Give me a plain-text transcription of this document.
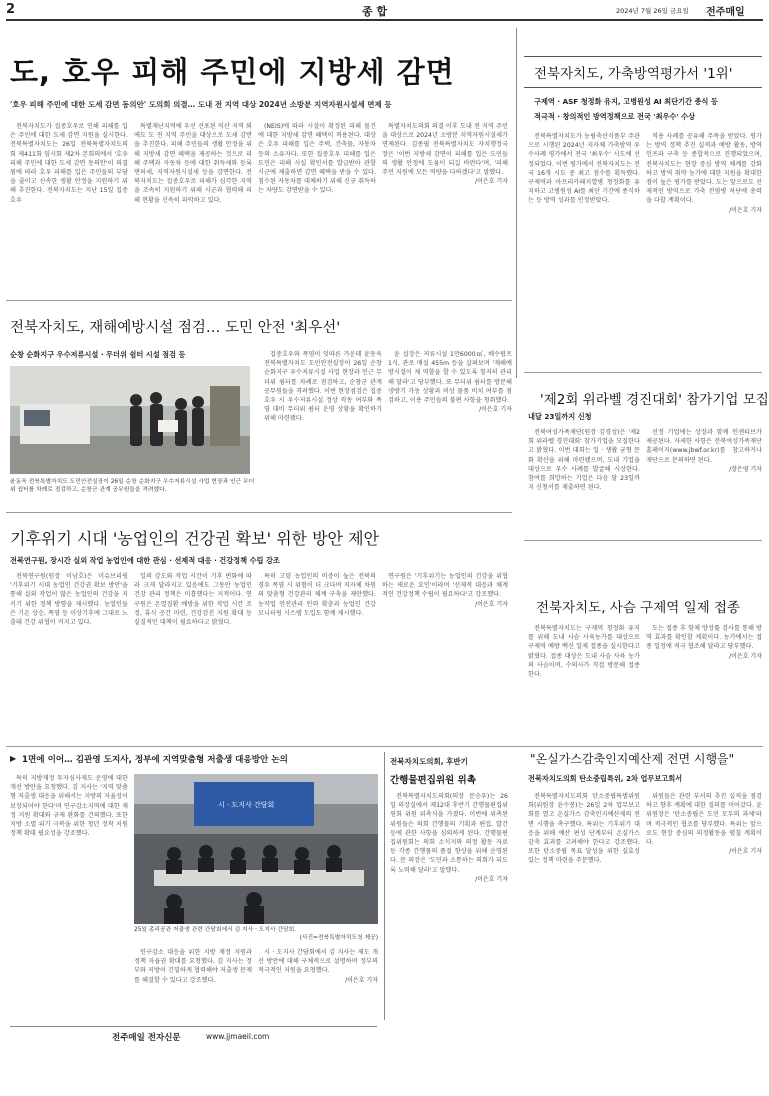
2	종 합	2024년 7월 26일 금요일 전주매일
도, 호우 피해 주민에 지방세 감면
'호우 피해 주민에 대한 도세 감면 동의안' 도의회 의결… 도내 전 지역 대상 2024년 소방분 지역자원시설세 면제 등

전북자치도가 집중호우로 인해 피해를 입은 주민에 대한 도세 감면 지원을 실시한다. 전북특별자치도는 26일 전북특별자치도의회 제411회 임시회 제2차 본회의에서 '호우 피해 주민에 대한 도세 감면 동의안'이 의결됨에 따라 호우 피해를 입은 주민들의 부담을 줄이고 신속한 생활 안정을 지원하기 위해 추진한다. 전북자치도는 지난 15일 집중호우

특별재난지역에 우선 선포된 익산 지역 외에도 도 전 지역 주민을 대상으로 도세 감면을 추진한다. 피해 주민들의 생활 안정을 위해 지방세 감면 혜택을 제공하는 것으로 피해 주택과 자동차 등에 대한 취득세와 등록면허세, 지역자원시설세 등을 감면한다. 전북자치도는 집중호우로 피해가 심각한 지역을 조속히 지원하기 위해 시군과 협력해 피해 현황을 신속히 파악하고 있다.

(NEIS)에 따라 시설이 확정된 피해 물건에 대한 지방세 감면 혜택이 적용된다. 대상은 호우 피해를 입은 주택, 건축물, 자동차 등의 소유자다. 또한 집중호우 피해를 입은 도민은 피해 사실 확인서를 발급받아 관할 시군에 제출하면 감면 혜택을 받을 수 있다. 침수된 자동차를 대체하기 위해 신규 취득하는 차량도 감면받을 수 있다.

특별자치도의회 의결 이후 도내 전 지역 주민을 대상으로 2024년 소방분 지역자원시설세가 면제된다. 김종필 전북특별자치도 자치행정국장은 '이번 지방세 감면이 피해를 입은 도민들의 생활 안정에 도움이 되길 바란다'며, '피해 주민 지원에 모든 역량을 다하겠다'고 말했다.

/이은호 기자
전북자치도, 가축방역평가서 '1위'
구제역 · ASF 청정화 유지, 고병원성 AI 최단기간 종식 등
적극적 · 창의적인 방역정책으로 전국 '최우수' 수상

전북특별자치도가 농림축산식품부 주관으로 시행된 2024년 지자체 가축방역 우수사례 평가에서 전국 '최우수' 시도에 선정되었다. 이번 평가에서 전북자치도는 전국 16개 시도 중 최고 점수를 획득했다. 구제역과 아프리카돼지열병 청정화를 유지하고 고병원성 AI를 최단 기간에 종식하는 등 방역 성과를 인정받았다.

적용 사례를 공유해 주목을 받았다. 평가는 방역 정책 추진 실적과 예방 활동, 방역 인프라 구축 등 종합적으로 진행되었으며, 전북자치도는 현장 중심 방역 체계를 강화하고 방역 취약 농가에 대한 지원을 확대한 점이 높은 평가를 받았다. 도는 앞으로도 선제적인 방역으로 가축 전염병 차단에 총력을 다할 계획이다.

/이은호 기자
전북자치도, 재해예방시설 점검… 도민 안전 '최우선'
순창 순화지구 우수저류시설 · 무더위 쉼터 시설 점검 등
윤동욱 전북특별자치도 도민안전실장이 26일 순창 순화지구 우수저류시설 사업 현장과 인근 무더위 쉼터를 차례로 점검하고, 순창군 관계 공무원들을 격려했다.

집중호우와 폭염이 잇따른 가운데 윤동욱 전북특별자치도 도민안전실장이 26일 순창 순화지구 우수저류시설 사업 현장과 인근 무더위 쉼터를 차례로 점검하고, 순창군 관계 공무원들을 격려했다. 이번 현장점검은 집중호우 시 우수저류시설 정상 작동 여부와 폭염 대비 무더위 쉼터 운영 상황을 확인하기 위해 마련됐다.

윤 실장은 저류시설 1만6000㎥, 배수펌프 1식, 관로 매설 455m 등을 살펴보며 '재해예방시설이 제 역할을 할 수 있도록 철저히 관리해 달라'고 당부했다. 또 무더위 쉼터를 방문해 냉방기 가동 상황과 비상 물품 비치 여부를 점검하고, 이용 주민들의 불편 사항을 청취했다.

/이은호 기자
'제2회 위라벨 경진대회' 참가기업 모집
내달 23일까지 신청

전북여성가족재단(원장 김경성)은 '제2회 위라벨 경진대회' 참가기업을 모집한다고 밝혔다. 이번 대회는 일 · 생활 균형 문화 확산을 위해 마련됐으며, 도내 기업을 대상으로 우수 사례를 발굴해 시상한다. 참여를 희망하는 기업은 다음 달 23일까지 신청서를 제출하면 된다.

선정 기업에는 상장과 함께 인센티브가 제공된다. 자세한 사항은 전북여성가족재단 홈페이지(www.jbwf.or.kr)를 참고하거나 재단으로 문의하면 된다.

/장은영 기자
기후위기 시대 '농업인의 건강권 확보' 위한 방안 제안
전북연구원, 장시간 실외 작업 농업인에 대한 관심 · 선제적 대응 · 건강정책 수립 강조

전북연구원(원장 이남호)은 이슈브리핑 '기후위기 시대 농업인 건강권 확보 방안'을 통해 실외 작업이 많은 농업인의 건강을 지키기 위한 정책 방향을 제시했다. 농업인들은 기온 상승, 폭염 등 이상기후에 그대로 노출돼 건강 위협이 커지고 있다.

일의 강도와 작업 시간이 기후 변화에 따라 크게 달라지고 있음에도 그동안 농업인 건강 관리 정책은 미흡했다는 지적이다. 연구원은 온열질환 예방을 위한 작업 시간 조정, 휴식 공간 마련, 건강검진 지원 확대 등 실질적인 대책이 필요하다고 밝혔다.

특히 고령 농업인의 비중이 높은 전북의 경우 폭염 시 위험이 더 크다며 지자체 차원의 맞춤형 건강관리 체계 구축을 제안했다. 농작업 안전관리 인력 확충과 농업인 건강 모니터링 시스템 도입도 함께 제시했다.

연구원은 '기후위기는 농업인의 건강을 위협하는 새로운 요인'이라며 '선제적 대응과 체계적인 건강정책 수립이 필요하다'고 강조했다.

/이은호 기자 전북자치도, 사슴 구제역 일제 접종

전북특별자치도는 구제역 청정화 유지를 위해 도내 사슴 사육농가를 대상으로 구제역 예방 백신 일제 접종을 실시한다고 밝혔다. 접종 대상은 도내 사슴 사육 농가의 사슴이며, 수의사가 직접 방문해 접종한다.

도는 접종 후 항체 양성률 검사를 통해 방역 효과를 확인할 계획이다. 농가에서는 접종 일정에 적극 협조해 달라고 당부했다.

/이은호 기자
▶ 1면에 이어… 김관영 도지사, 정부에 지역맞춤형 저출생 대응방안 논의

특히 지방재정 투자심사제도 운영에 대한 개선 방안을 요청했다. 김 지사는 '지역 맞춤형 저출생 대응을 위해서는 지방의 자율성이 보장되어야 한다'며 인구감소지역에 대한 재정 지원 확대와 규제 완화를 건의했다. 또한 지방 소멸 위기 극복을 위한 청년 정착 지원 정책 확대 필요성을 강조했다.

시 · 도지사 간담회
25일 총리공관 저출생 관련 간담회에서 김 지사 · 도지사 간담회.
(사진=전북특별자치도청 제공)

인구감소 대응을 위한 지방 재정 지원과 정책 자율권 확대를 요청했다. 김 지사는 정부와 지방이 긴밀하게 협력해야 저출생 문제를 해결할 수 있다고 강조했다.

시 · 도지사 간담회에서 김 지사는 제도 개선 방안에 대해 구체적으로 설명하며 정부의 적극적인 지원을 요청했다.

/이은호 기자
전북자치도의회, 후반기
간행물편집위원 위촉

전북특별자치도의회(의장 문승우)는 26일 의장실에서 제12대 후반기 간행물편집위원회 위원 위촉식을 가졌다. 이번에 위촉된 위원들은 의회 간행물의 기획과 편집, 발간 등에 관한 사항을 심의하게 된다. 간행물편집위원회는 의회 소식지와 의정 활동 자료 등 각종 간행물의 품질 향상을 위해 운영된다. 문 의장은 '도민과 소통하는 의회가 되도록 노력해 달라'고 말했다.

/이은호 기자
"온실가스감축인지예산제 전면 시행을"
전북자치도의회 탄소중립특위, 2차 업무보고회서

전북특별자치도의회 탄소중립특별위원회(위원장 윤수봉)는 26일 2차 업무보고회를 열고 온실가스 감축인지예산제의 전면 시행을 촉구했다. 특위는 기후위기 대응을 위해 예산 편성 단계부터 온실가스 감축 효과를 고려해야 한다고 강조했다. 또한 탄소중립 목표 달성을 위한 실효성 있는 정책 마련을 주문했다.

위원들은 관련 부서의 추진 실적을 점검하고 향후 계획에 대한 질의를 이어갔다. 윤 위원장은 '탄소중립은 도민 모두의 과제'라며 적극적인 협조를 당부했다. 특위는 앞으로도 현장 중심의 의정활동을 펼칠 계획이다.

/이은호 기자
전주매일 전자신문	www.jjmaeil.com
